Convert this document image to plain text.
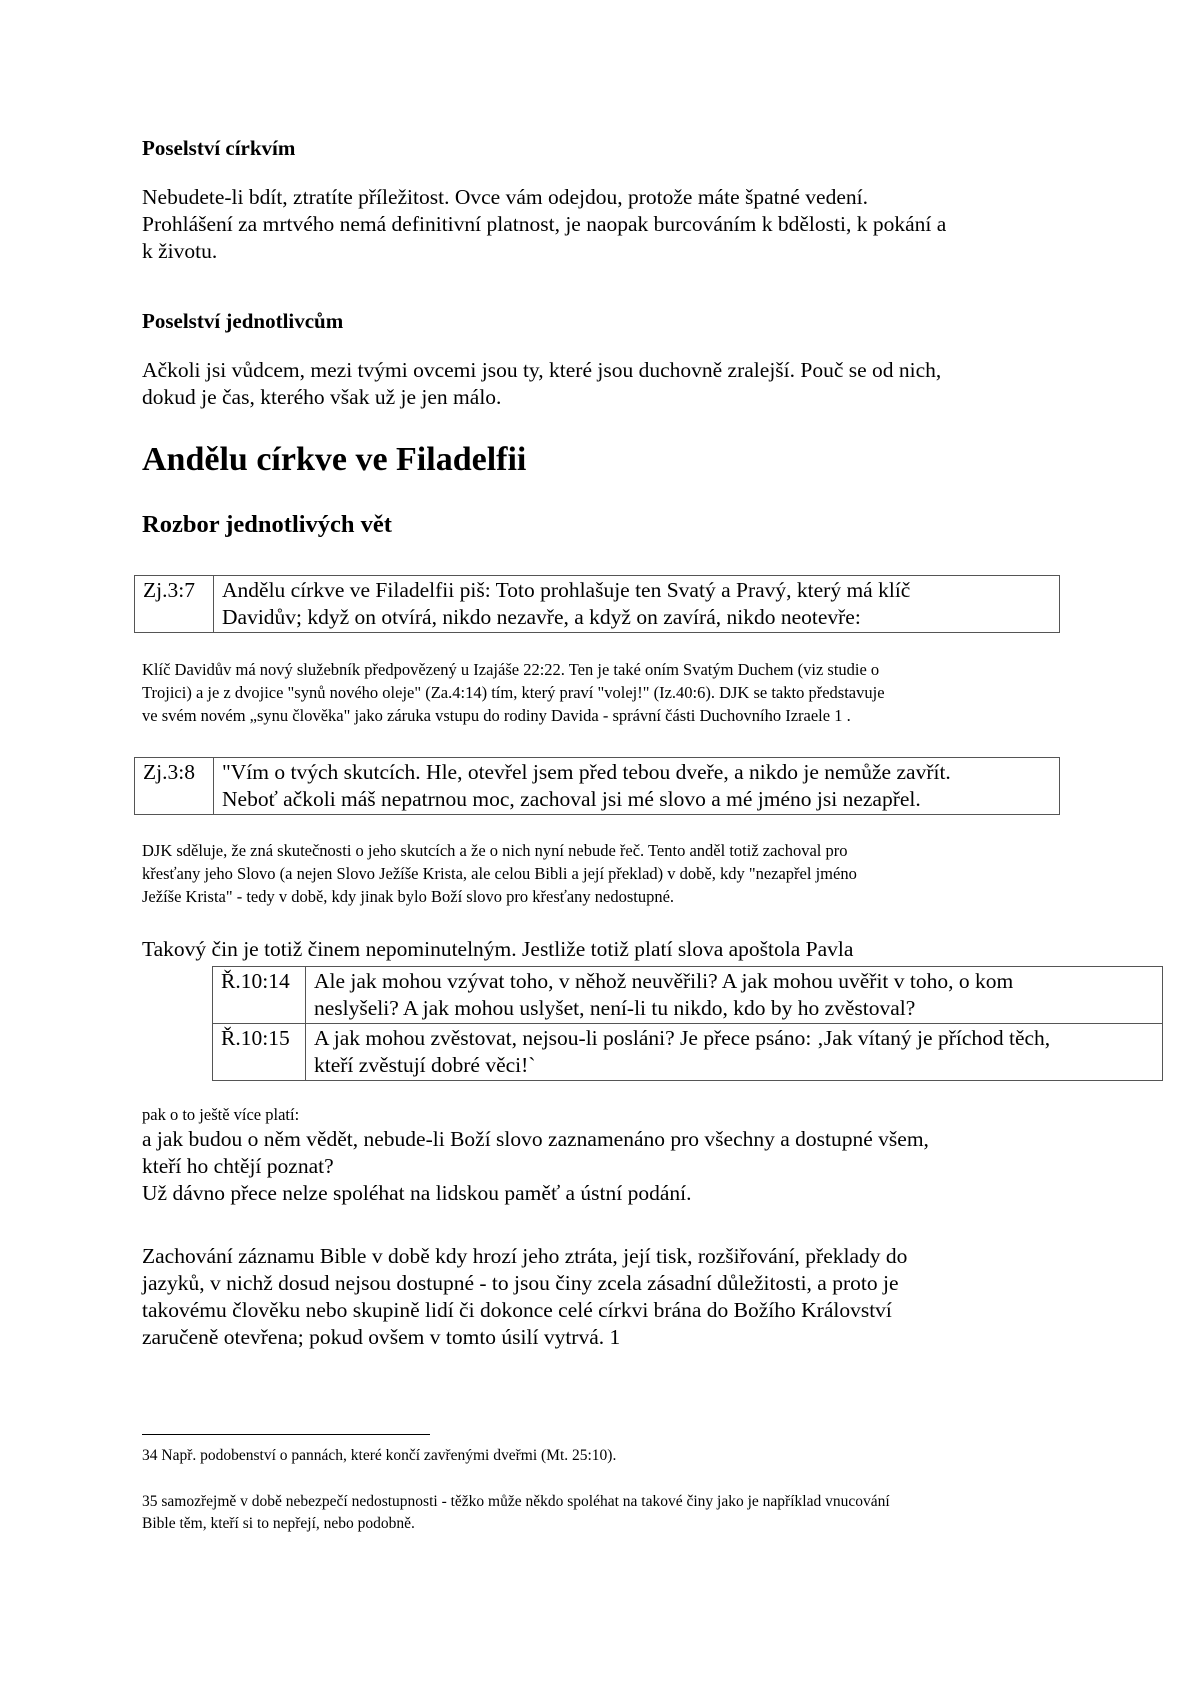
Poselství církvím
Nebudete-li bdít, ztratíte příležitost. Ovce vám odejdou, protože máte špatné vedení.
Prohlášení za mrtvého nemá definitivní platnost, je naopak burcováním k bdělosti, k pokání a
k životu.
Poselství jednotlivcům
Ačkoli jsi vůdcem, mezi tvými ovcemi jsou ty, které jsou duchovně zralejší. Pouč se od nich,
dokud je čas, kterého však už je jen málo.
Andělu církve ve Filadelfii
Rozbor jednotlivých vět
Zj.3:7	Andělu církve ve Filadelfii piš: Toto prohlašuje ten Svatý a Pravý, který má klíč
Davidův; když on otvírá, nikdo nezavře, a když on zavírá, nikdo neotevře:
Klíč Davidův má nový služebník předpovězený u Izajáše 22:22. Ten je také oním Svatým Duchem (viz studie o
Trojici) a je z dvojice "synů nového oleje" (Za.4:14) tím, který praví "volej!" (Iz.40:6). DJK se takto představuje
ve svém novém „synu člověka" jako záruka vstupu do rodiny Davida - správní části Duchovního Izraele 1 .
Zj.3:8	"Vím o tvých skutcích. Hle, otevřel jsem před tebou dveře, a nikdo je nemůže zavřít.
Neboť ačkoli máš nepatrnou moc, zachoval jsi mé slovo a mé jméno jsi nezapřel.
DJK sděluje, že zná skutečnosti o jeho skutcích a že o nich nyní nebude řeč. Tento anděl totiž zachoval pro
křesťany jeho Slovo (a nejen Slovo Ježíše Krista, ale celou Bibli a její překlad) v době, kdy "nezapřel jméno
Ježíše Krista" - tedy v době, kdy jinak bylo Boží slovo pro křesťany nedostupné.
Takový čin je totiž činem nepominutelným. Jestliže totiž platí slova apoštola Pavla
Ř.10:14	Ale jak mohou vzývat toho, v něhož neuvěřili? A jak mohou uvěřit v toho, o kom
neslyšeli? A jak mohou uslyšet, není-li tu nikdo, kdo by ho zvěstoval?

Ř.10:15	A jak mohou zvěstovat, nejsou-li posláni? Je přece psáno: ‚Jak vítaný je příchod těch,
kteří zvěstují dobré věci!`
pak o to ještě více platí:
a jak budou o něm vědět, nebude-li Boží slovo zaznamenáno pro všechny a dostupné všem,
kteří ho chtějí poznat?
Už dávno přece nelze spoléhat na lidskou paměť a ústní podání.
Zachování záznamu Bible v době kdy hrozí jeho ztráta, její tisk, rozšiřování, překlady do
jazyků, v nichž dosud nejsou dostupné - to jsou činy zcela zásadní důležitosti, a proto je
takovému člověku nebo skupině lidí či dokonce celé církvi brána do Božího Království
zaručeně otevřena; pokud ovšem v tomto úsilí vytrvá. 1
34 Např. podobenství o pannách, které končí zavřenými dveřmi (Mt. 25:10).
35 samozřejmě v době nebezpečí nedostupnosti - těžko může někdo spoléhat na takové činy jako je například vnucování
Bible těm, kteří si to nepřejí, nebo podobně.
